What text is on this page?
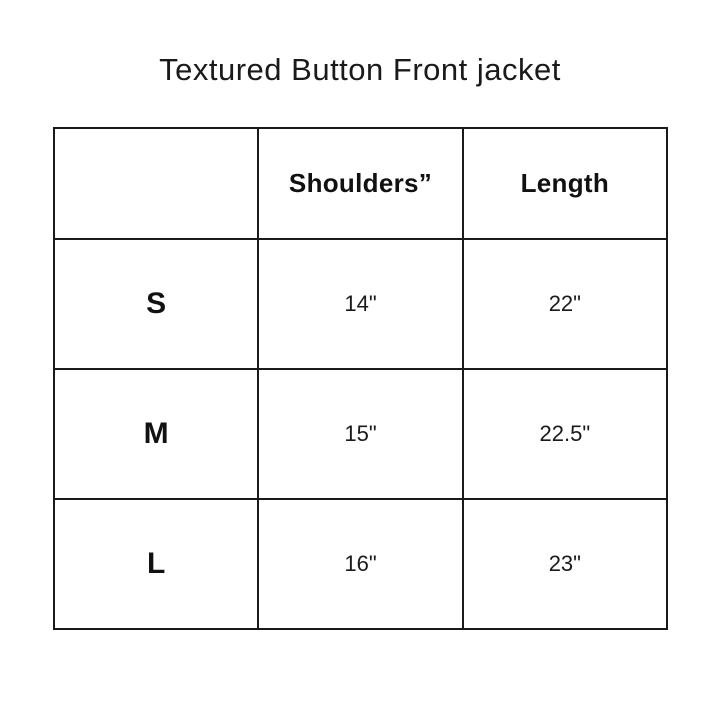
Textured Button Front jacket
	Shoulders”	Length
S	14"	22"
M	15"	22.5"
L	16"	23"
